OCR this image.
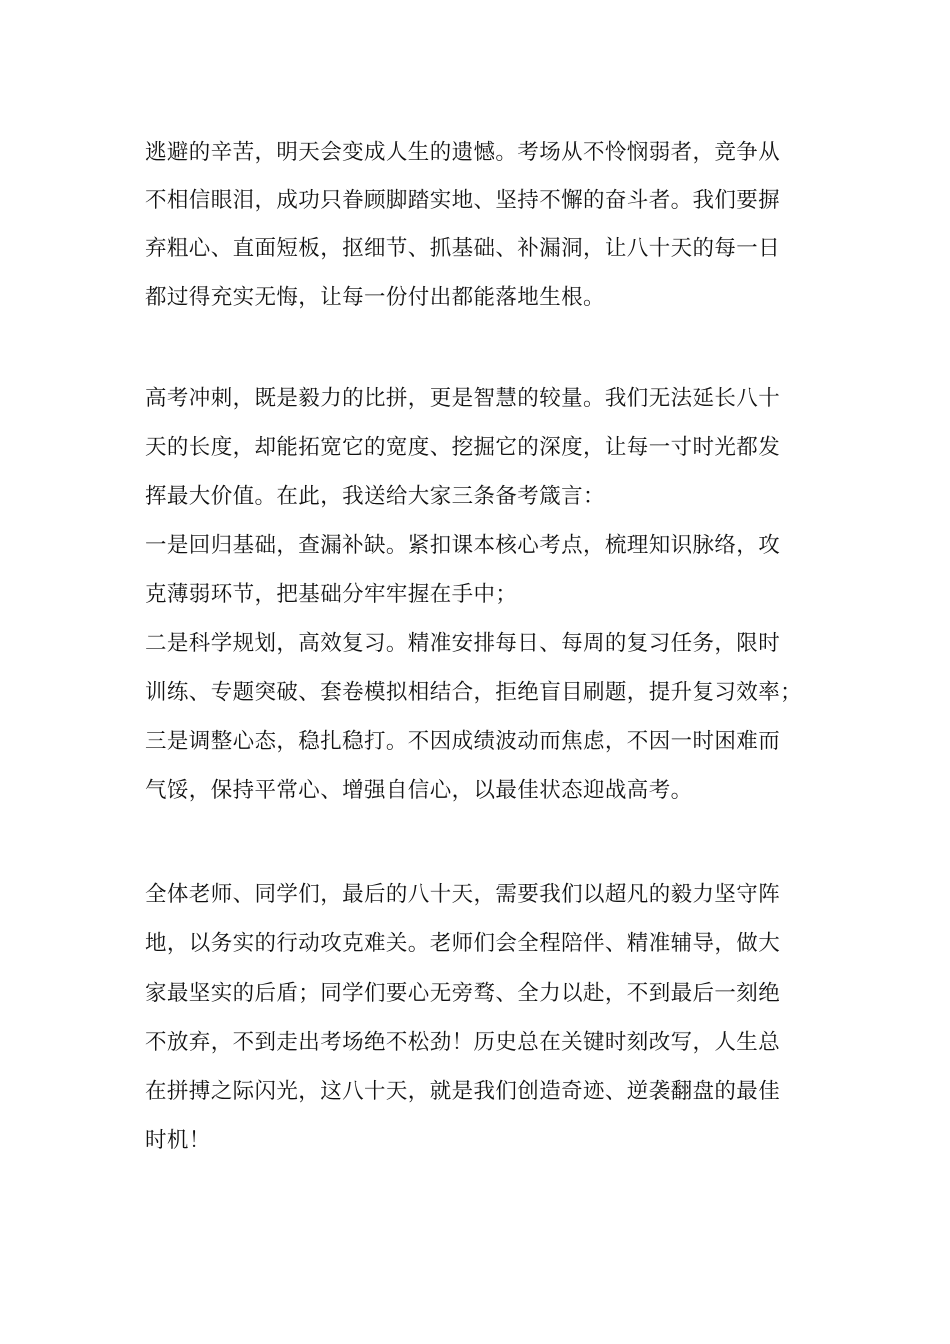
逃避的辛苦，明天会变成人生的遗憾。考场从不怜悯弱者，竞争从
不相信眼泪，成功只眷顾脚踏实地、坚持不懈的奋斗者。我们要摒
弃粗心、直面短板，抠细节、抓基础、补漏洞，让八十天的每一日
都过得充实无悔，让每一份付出都能落地生根。
高考冲刺，既是毅力的比拼，更是智慧的较量。我们无法延长八十
天的长度，却能拓宽它的宽度、挖掘它的深度，让每一寸时光都发
挥最大价值。在此，我送给大家三条备考箴言：
一是回归基础，查漏补缺。紧扣课本核心考点，梳理知识脉络，攻
克薄弱环节，把基础分牢牢握在手中；
二是科学规划，高效复习。精准安排每日、每周的复习任务，限时
训练、专题突破、套卷模拟相结合，拒绝盲目刷题，提升复习效率；
三是调整心态，稳扎稳打。不因成绩波动而焦虑，不因一时困难而
气馁，保持平常心、增强自信心，以最佳状态迎战高考。
全体老师、同学们，最后的八十天，需要我们以超凡的毅力坚守阵
地，以务实的行动攻克难关。老师们会全程陪伴、精准辅导，做大
家最坚实的后盾；同学们要心无旁骛、全力以赴，不到最后一刻绝
不放弃，不到走出考场绝不松劲！历史总在关键时刻改写，人生总
在拼搏之际闪光，这八十天，就是我们创造奇迹、逆袭翻盘的最佳
时机！
